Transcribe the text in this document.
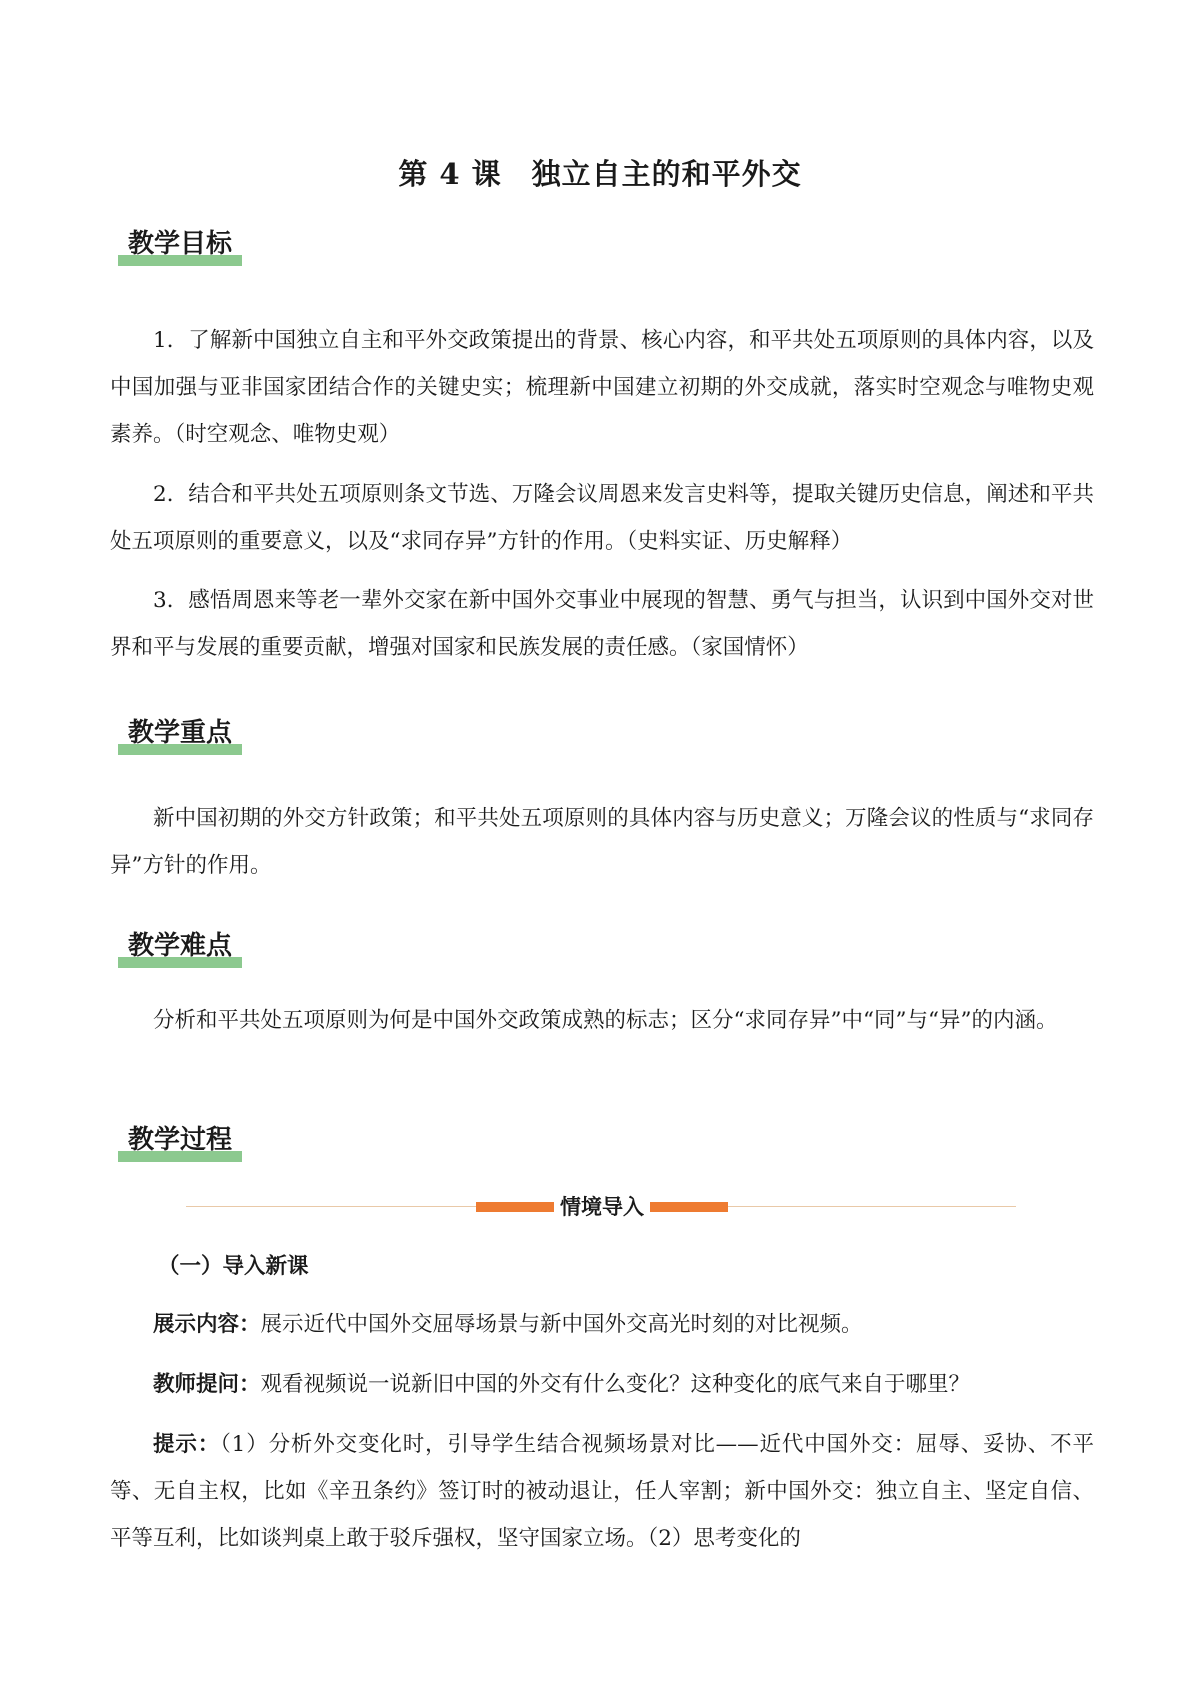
第 4 课　独立自主的和平外交
教学目标

1．了解新中国独立自主和平外交政策提出的背景、核心内容，和平共处五项原则的具体内容，以及中国加强与亚非国家团结合作的关键史实；梳理新中国建立初期的外交成就，落实时空观念与唯物史观素养。（时空观念、唯物史观）

2．结合和平共处五项原则条文节选、万隆会议周恩来发言史料等，提取关键历史信息，阐述和平共处五项原则的重要意义，以及“求同存异”方针的作用。（史料实证、历史解释）

3．感悟周恩来等老一辈外交家在新中国外交事业中展现的智慧、勇气与担当，认识到中国外交对世界和平与发展的重要贡献，增强对国家和民族发展的责任感。（家国情怀）

教学重点

新中国初期的外交方针政策；和平共处五项原则的具体内容与历史意义；万隆会议的性质与“求同存异”方针的作用。

教学难点

分析和平共处五项原则为何是中国外交政策成熟的标志；区分“求同存异”中“同”与“异”的内涵。

教学过程
情境导入
（一）导入新课

展示内容：展示近代中国外交屈辱场景与新中国外交高光时刻的对比视频。

教师提问：观看视频说一说新旧中国的外交有什么变化？这种变化的底气来自于哪里？

提示：（1）分析外交变化时，引导学生结合视频场景对比——近代中国外交：屈辱、妥协、不平等、无自主权，比如《辛丑条约》签订时的被动退让，任人宰割；新中国外交：独立自主、坚定自信、平等互利，比如谈判桌上敢于驳斥强权，坚守国家立场。（2）思考变化的
